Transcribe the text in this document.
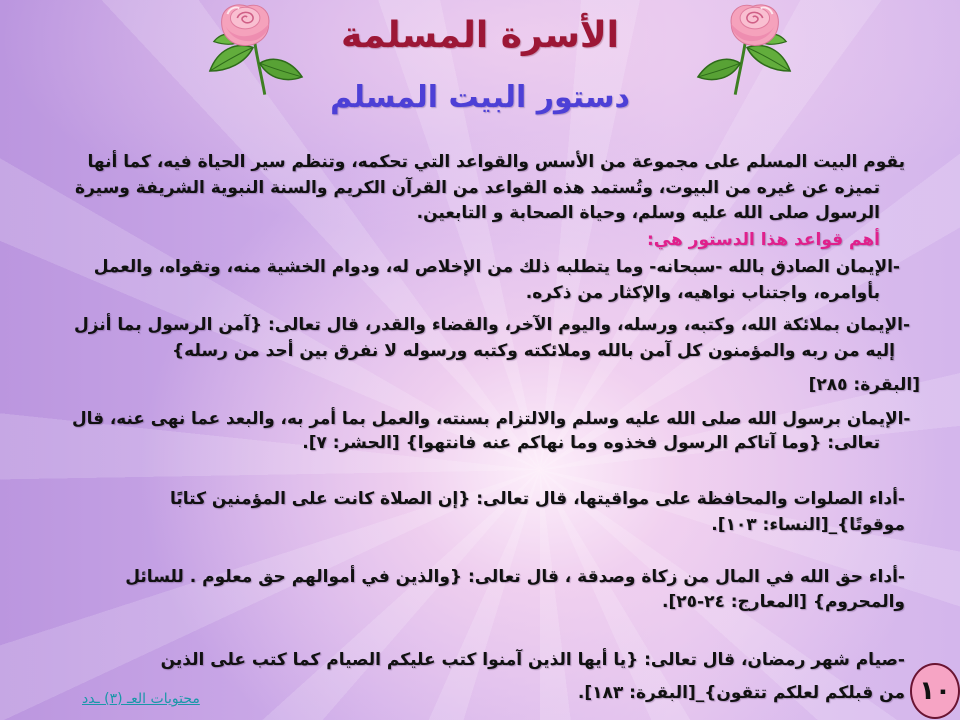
الأسرة المسلمة
دستور البيت المسلم
يقوم البيت المسلم على مجموعة من الأسس والقواعد التي تحكمه، وتنظم سير الحياة فيه، كما أنها
تميزه عن غيره من البيوت، وتُستمد هذه القواعد من القرآن الكريم والسنة النبوية الشريفة وسيرة
الرسول صلى الله عليه وسلم، وحياة الصحابة و التابعين.
أهم قواعد هذا الدستور هي:
-الإيمان الصادق بالله -سبحانه- وما يتطلبه ذلك من الإخلاص له، ودوام الخشية منه، وتقواه، والعمل
بأوامره، واجتناب نواهيه، والإكثار من ذكره.
-الإيمان بملائكة الله، وكتبه، ورسله، واليوم الآخر، والقضاء والقدر، قال تعالى: {آمن الرسول بما أنزل
إليه من ربه والمؤمنون كل آمن بالله وملائكته وكتبه ورسوله لا نفرق بين أحد من رسله}
[البقرة: ٢٨٥]
-الإيمان برسول الله صلى الله عليه وسلم والالتزام بسنته، والعمل بما أمر به، والبعد عما نهى عنه، قال
تعالى: {وما آتاكم الرسول فخذوه وما نهاكم عنه فانتهوا} [الحشر: ٧].
-أداء الصلوات والمحافظة على مواقيتها، قال تعالى: {إن الصلاة كانت على المؤمنين كتابًا
موقوتًا}_[النساء: ١٠٣].
-أداء حق الله في المال من زكاة وصدقة ، قال تعالى: {والذين في أموالهم حق معلوم . للسائل
والمحروم} [المعارج: ٢٤-٢٥].
-صيام شهر رمضان، قال تعالى: {يا أيها الذين آمنوا كتب عليكم الصيام كما كتب على الذين
من قبلكم لعلكم تتقون}_[البقرة: ١٨٣].
محتويات العـ (٣) ـدد	١٠
